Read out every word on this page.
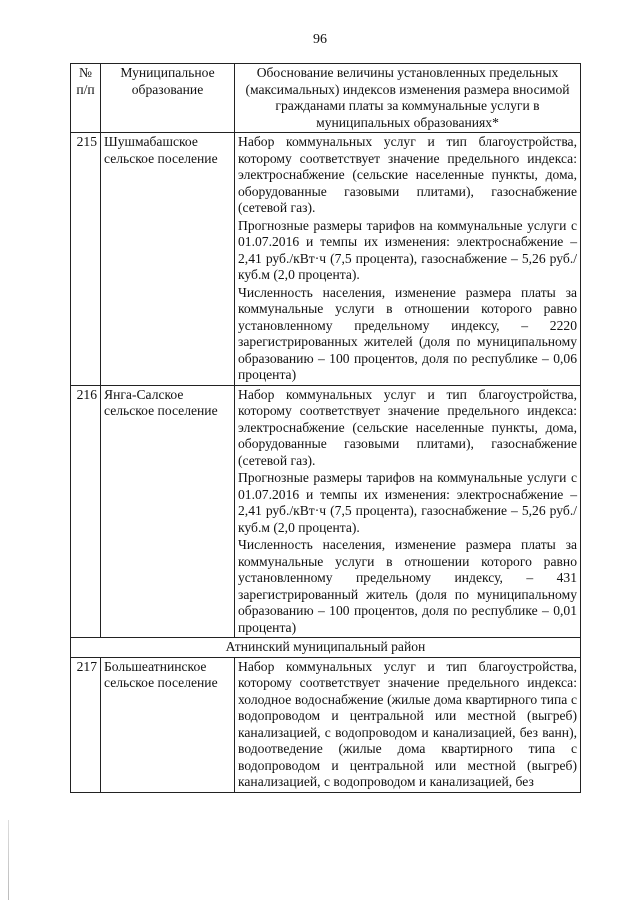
96
№ п/п	Муниципальное образование	Обоснование величины установленных предельных (максимальных) индексов изменения размера вносимой гражданами платы за коммунальные услуги в муниципальных образованиях*
215	Шушмабашское сельское поселение	Набор коммунальных услуг и тип благоустройства, которому соответствует значение предельного индекса: электроснабжение (сельские населенные пункты, дома, оборудованные газовыми плитами), газоснабжение (сетевой газ).

Прогнозные размеры тарифов на коммунальные услуги с 01.07.2016 и темпы их изменения: электроснабжение – 2,41 руб./кВт·ч (7,5 процента), газоснабжение – 5,26 руб./куб.м (2,0 процента).

Численность населения, изменение размера платы за коммунальные услуги в отношении которого равно установленному предельному индексу, – 2220 зарегистрированных жителей (доля по муниципальному образованию – 100 процентов, доля по республике – 0,06 процента)

216	Янга-Салское сельское поселение	Набор коммунальных услуг и тип благоустройства, которому соответствует значение предельного индекса: электроснабжение (сельские населенные пункты, дома, оборудованные газовыми плитами), газоснабжение (сетевой газ).

Прогнозные размеры тарифов на коммунальные услуги с 01.07.2016 и темпы их изменения: электроснабжение – 2,41 руб./кВт·ч (7,5 процента), газоснабжение – 5,26 руб./куб.м (2,0 процента).

Численность населения, изменение размера платы за коммунальные услуги в отношении которого равно установленному предельному индексу, – 431 зарегистрированный житель (доля по муниципальному образованию – 100 процентов, доля по республике – 0,01 процента)

Атнинский муниципальный район		
217	Большеатнинское сельское поселение	Набор коммунальных услуг и тип благоустройства, которому соответствует значение предельного индекса: холодное водоснабжение (жилые дома квартирного типа с водопроводом и центральной или местной (выгреб) канализацией, с водопроводом и канализацией, без ванн), водоотведение (жилые дома квартирного типа с водопроводом и центральной или местной (выгреб) канализацией, с водопроводом и канализацией, без
